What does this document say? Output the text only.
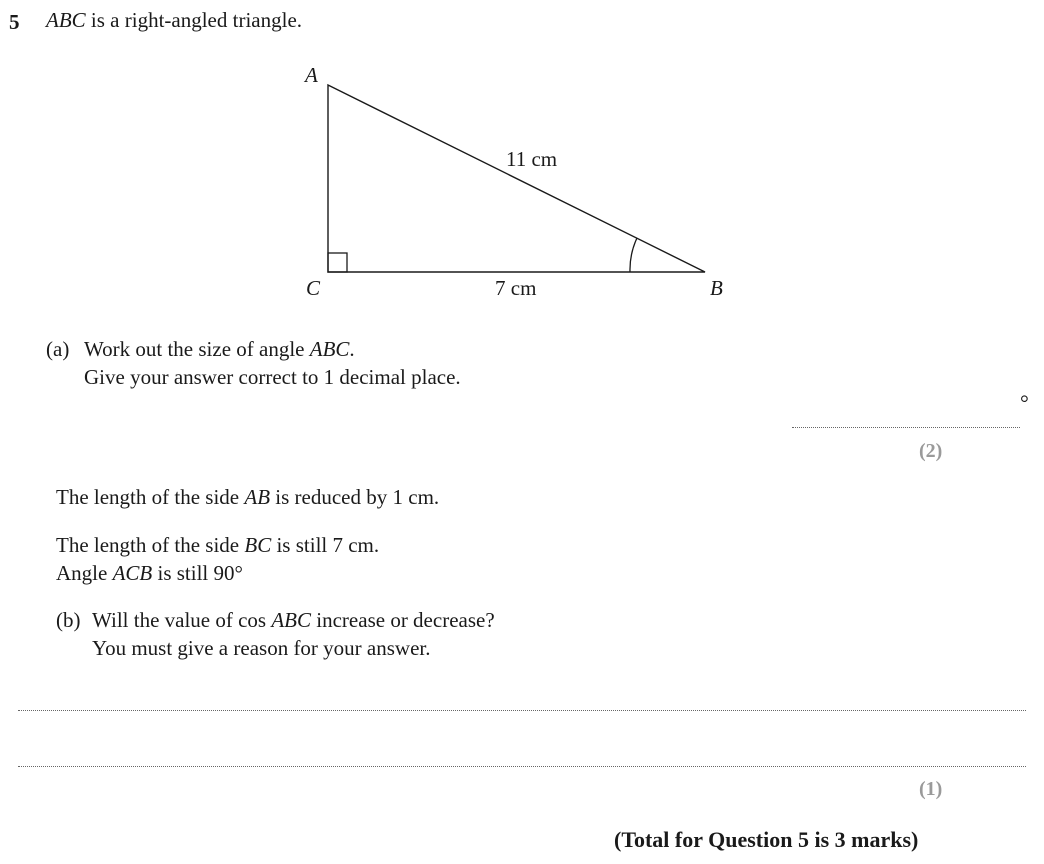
5 ABC is a right-angled triangle.
A
C	B
11 cm
7 cm
(a) Work out the size of angle ABC.
Give your answer correct to 1 decimal place.
°
(2)
The length of the side AB is reduced by 1 cm.
The length of the side BC is still 7 cm.
Angle ACB is still 90°
(b) Will the value of cos ABC increase or decrease?
You must give a reason for your answer.
(1)
(Total for Question 5 is 3 marks)
